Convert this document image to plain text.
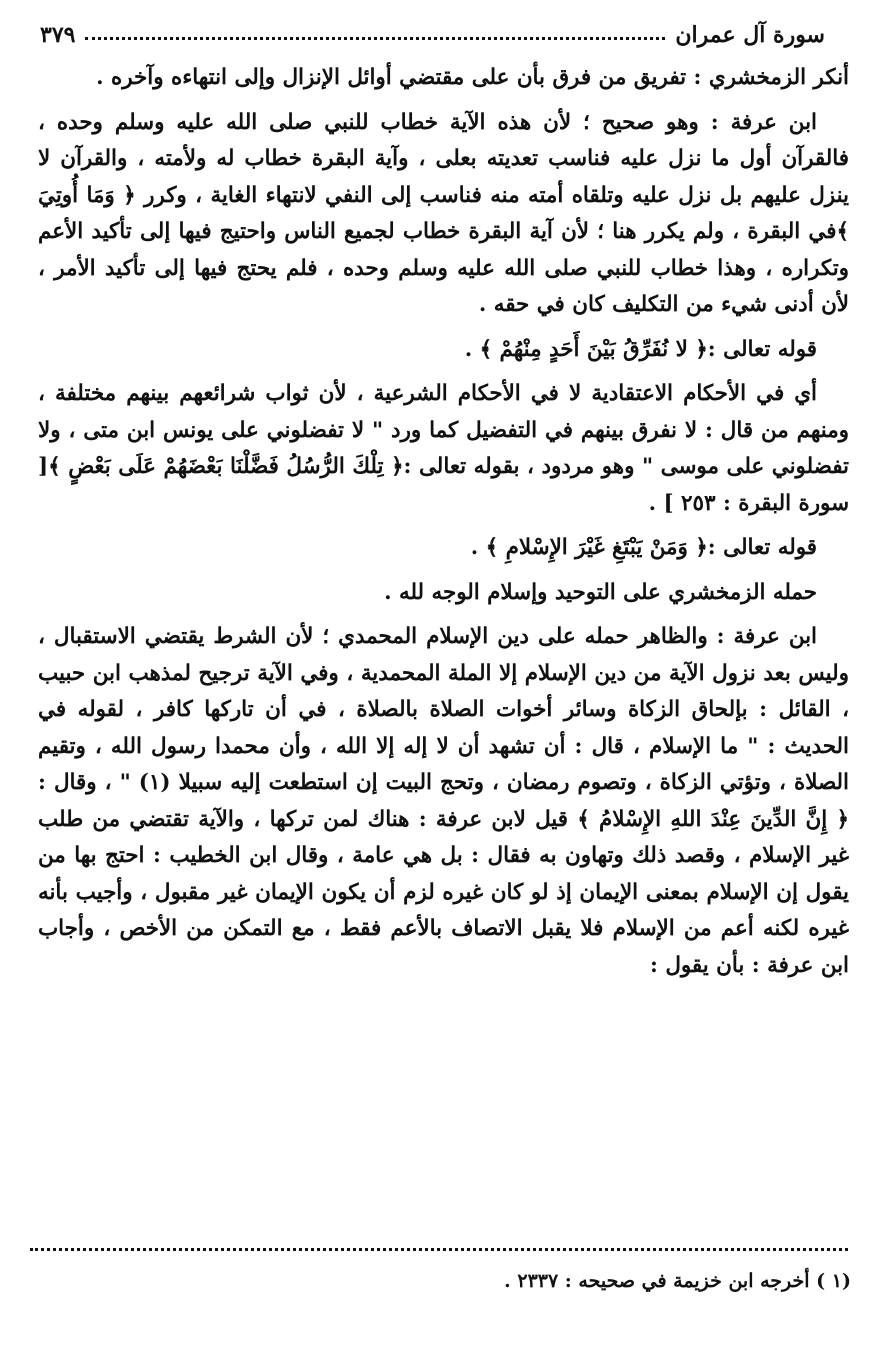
سورة آل عمران
٣٧٩

أنكر الزمخشري : تفريق من فرق بأن على مقتضي أوائل الإنزال وإلى انتهاءه وآخره .

ابن عرفة : وهو صحيح ؛ لأن هذه الآية خطاب للنبي صلى الله عليه وسلم وحده ، فالقرآن أول ما نزل عليه فناسب تعديته بعلى ، وآية البقرة خطاب له ولأمته ، والقرآن لا ينزل عليهم بل نزل عليه وتلقاه أمته منه فناسب إلى النفي لانتهاء الغاية ، وكرر ﴿ وَمَا أُوتِيَ ﴾في البقرة ، ولم يكرر هنا ؛ لأن آية البقرة خطاب لجميع الناس واحتيج فيها إلى تأكيد الأعم وتكراره ، وهذا خطاب للنبي صلى الله عليه وسلم وحده ، فلم يحتج فيها إلى تأكيد الأمر ، لأن أدنى شيء من التكليف كان في حقه .

قوله تعالى :﴿ لا نُفَرِّقُ بَيْنَ أَحَدٍ مِنْهُمْ ﴾ .

أي في الأحكام الاعتقادية لا في الأحكام الشرعية ، لأن ثواب شرائعهم بينهم مختلفة ، ومنهم من قال : لا نفرق بينهم في التفضيل كما ورد " لا تفضلوني على يونس ابن متى ، ولا تفضلوني على موسى " وهو مردود ، بقوله تعالى :﴿ تِلْكَ الرُّسُلُ فَضَّلْنَا بَعْضَهُمْ عَلَى بَعْضٍ ﴾[ سورة البقرة : ٢٥٣ ] .

قوله تعالى :﴿ وَمَنْ يَبْتَغِ غَيْرَ الإِسْلامِ ﴾ .

حمله الزمخشري على التوحيد وإسلام الوجه لله .

ابن عرفة : والظاهر حمله على دين الإسلام المحمدي ؛ لأن الشرط يقتضي الاستقبال ، وليس بعد نزول الآية من دين الإسلام إلا الملة المحمدية ، وفي الآية ترجيح لمذهب ابن حبيب ، القائل : بإلحاق الزكاة وسائر أخوات الصلاة بالصلاة ، في أن تاركها كافر ، لقوله في الحديث : " ما الإسلام ، قال : أن تشهد أن لا إله إلا الله ، وأن محمدا رسول الله ، وتقيم الصلاة ، وتؤتي الزكاة ، وتصوم رمضان ، وتحج البيت إن استطعت إليه سبيلا (١) " ، وقال : ﴿ إِنَّ الدِّينَ عِنْدَ اللهِ الإِسْلامُ ﴾ قيل لابن عرفة : هناك لمن تركها ، والآية تقتضي من طلب غير الإسلام ، وقصد ذلك وتهاون به فقال : بل هي عامة ، وقال ابن الخطيب : احتج بها من يقول إن الإسلام بمعنى الإيمان إذ لو كان غيره لزم أن يكون الإيمان غير مقبول ، وأجيب بأنه غيره لكنه أعم من الإسلام فلا يقبل الاتصاف بالأعم فقط ، مع التمكن من الأخص ، وأجاب ابن عرفة : بأن يقول :

(١ ) أخرجه ابن خزيمة في صحيحه : ٢٣٣٧ .
